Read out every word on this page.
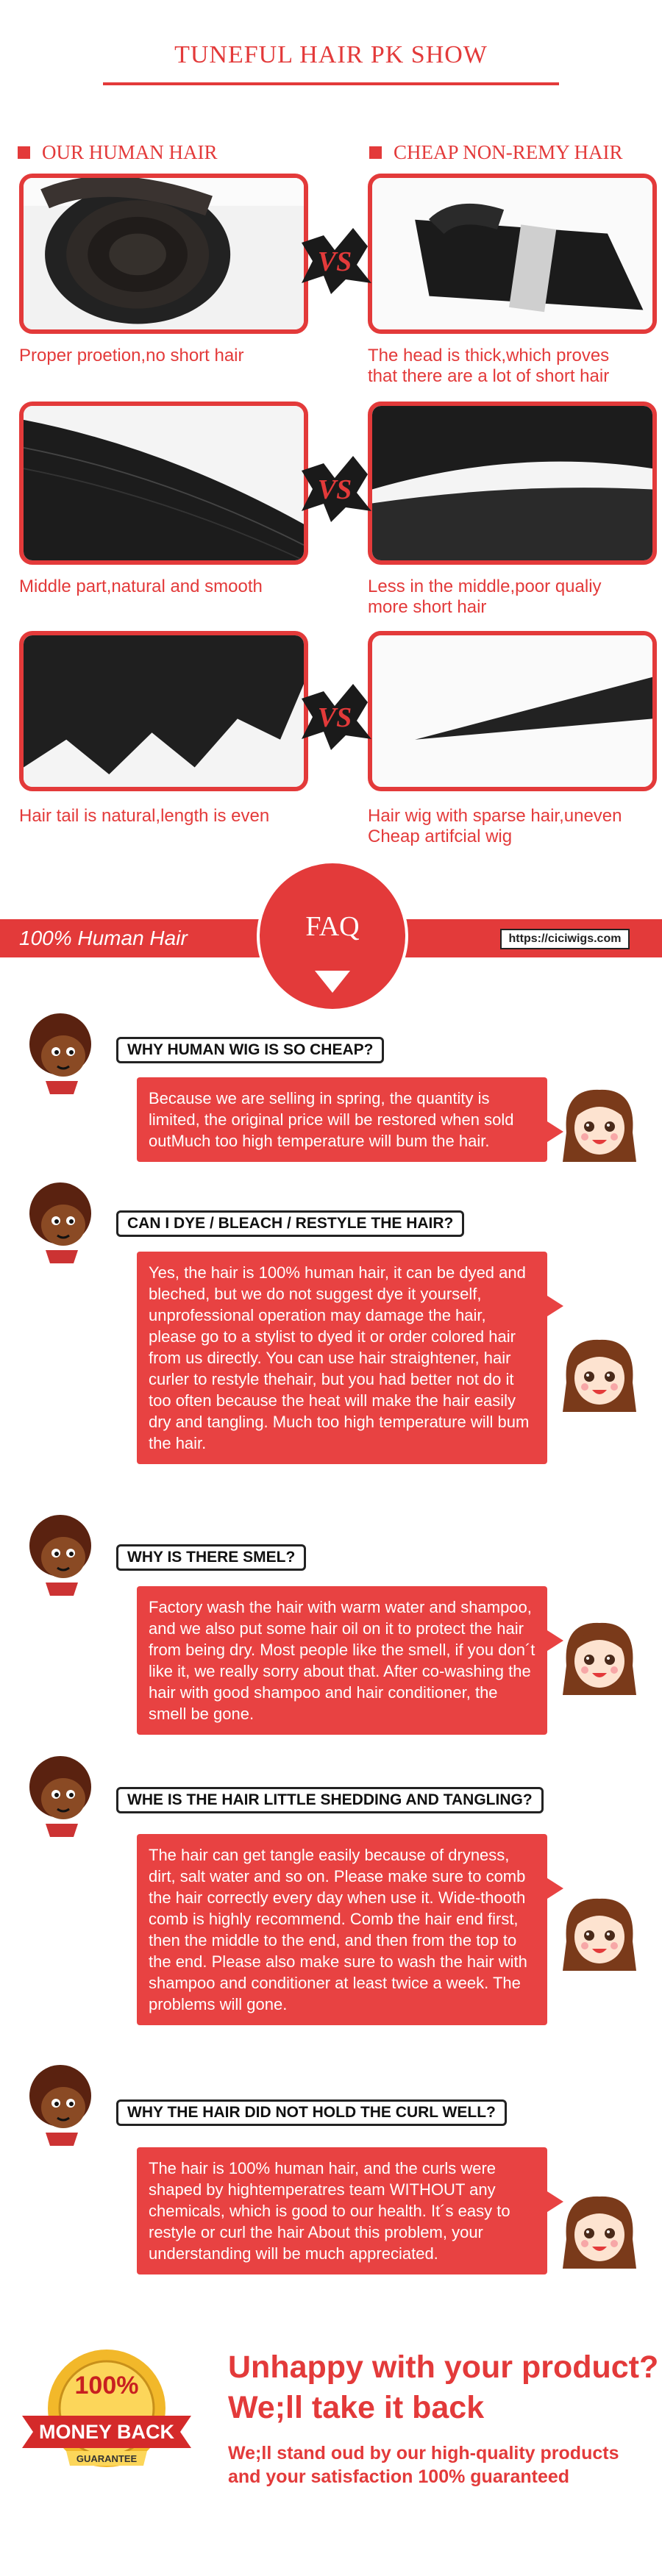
TUNEFUL HAIR PK SHOW
OUR HUMAN HAIR	CHEAP NON-REMY HAIR
VS
Proper proetion,no short hair	The head is thick,which proves
that there are a lot of short hair
VS
Middle part,natural and smooth	Less in the middle,poor qualiy
more short hair
VS
Hair tail is natural,length is even	Hair wig with sparse hair,uneven
Cheap artifcial wig
100% Human Hair	FAQ	https://ciciwigs.com
WHY HUMAN WIG IS SO CHEAP?
Because we are selling in spring, the quantity is limited, the original price will be restored when sold outMuch too high temperature will bum the hair.
CAN I DYE / BLEACH / RESTYLE THE HAIR?
Yes, the hair is 100% human hair, it can be dyed and bleched, but we do not suggest dye it yourself, unprofessional operation may damage the hair, please go to a stylist to dyed it or order colored hair from us directly. You can use hair straightener, hair curler to restyle thehair, but you had better not do it too often because the heat will make the hair easily dry and tangling. Much too high temperature will bum the hair.
WHY IS THERE SMEL?
Factory wash the hair with warm water and shampoo, and we also put some hair oil on it to protect the hair from being dry. Most people like the smell, if you don´t like it, we really sorry about that. After co-washing the hair with good shampoo and hair conditioner, the smell be gone.
WHE IS THE HAIR LITTLE SHEDDING AND TANGLING?
The hair can get tangle easily because of dryness, dirt, salt water and so on. Please make sure to comb the hair correctly every day when use it. Wide-thooth comb is highly recommend. Comb the hair end first, then the middle to the end, and then from the top to the end. Please also make sure to wash the hair with shampoo and conditioner at least twice a week. The problems will gone.
WHY THE HAIR DID NOT HOLD THE CURL WELL?
The hair is 100% human hair, and the curls were shaped by hightemperatres team WITHOUT any chemicals, which is good to our health. It´s easy to restyle or curl the hair About this problem, your understanding will be much appreciated.
100%
MONEY BACK
GUARANTEE
Unhappy with your product?
We;ll take it back
We;ll stand oud by our high-quality products
and your satisfaction 100% guaranteed
